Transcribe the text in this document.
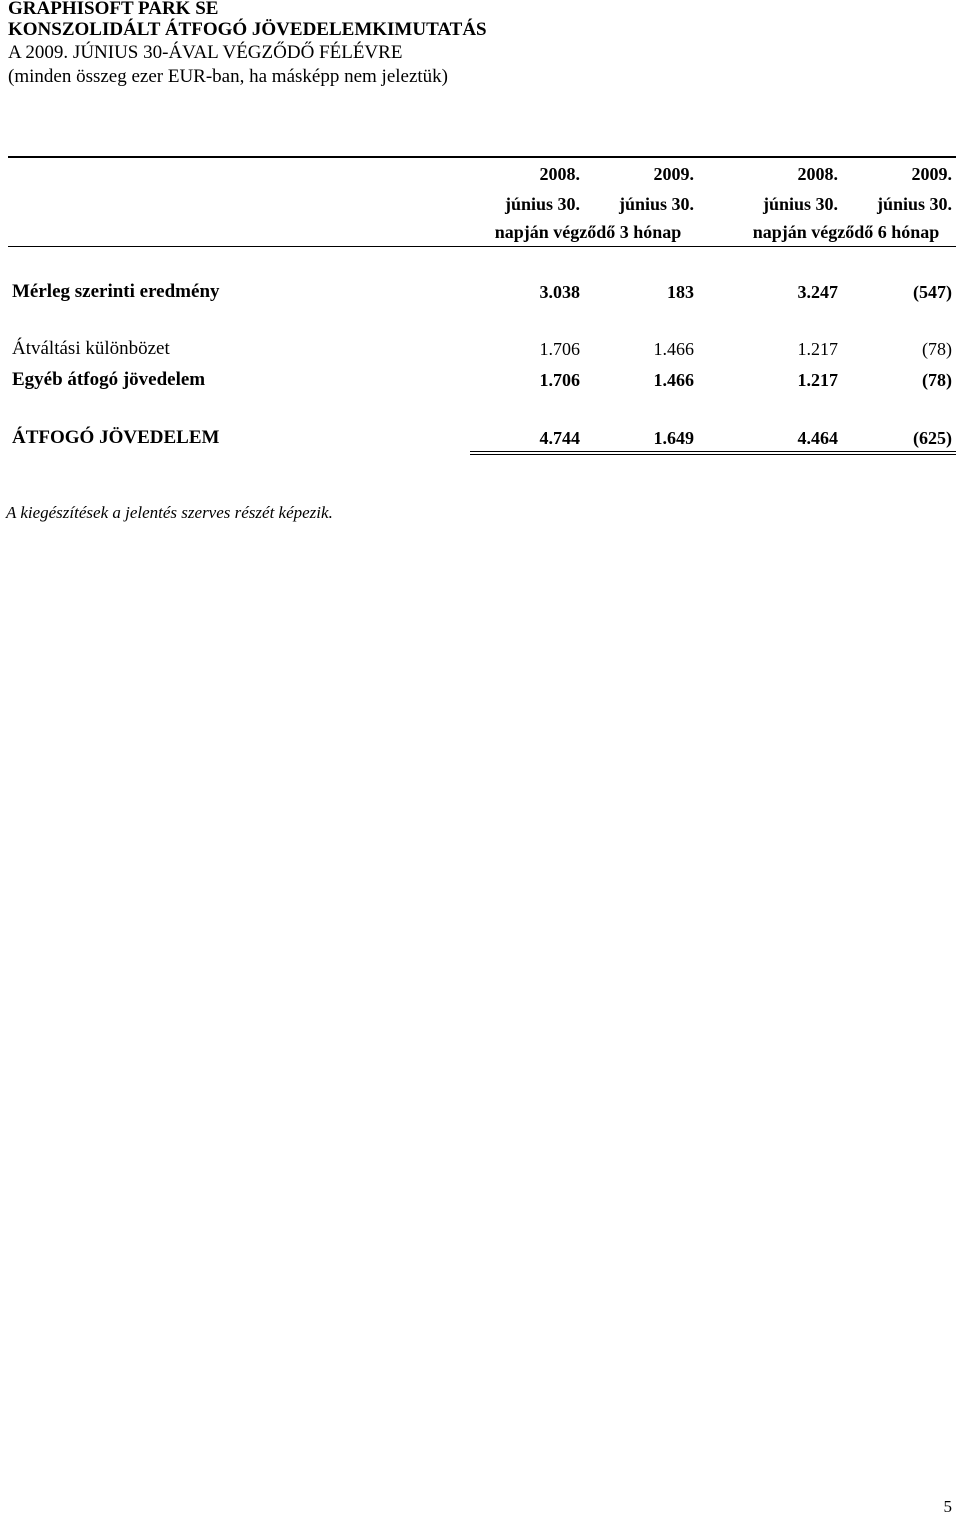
GRAPHISOFT PARK SE
KONSZOLIDÁLT ÁTFOGÓ JÖVEDELEMKIMUTATÁS
A 2009. JÚNIUS 30-ÁVAL VÉGZŐDŐ FÉLÉVRE
(minden összeg ezer EUR-ban, ha másképp nem jeleztük)
2008.	2009.	2008.	2009.
június 30. június 30.	június 30. június 30.
napján végződő 3 hónap	napján végződő 6 hónap
Mérleg szerinti eredmény	3.038	183	3.247	(547)
Átváltási különbözet	1.706	1.466	1.217	(78)
Egyéb átfogó jövedelem	1.706	1.466	1.217	(78)
ÁTFOGÓ JÖVEDELEM	4.744	1.649	4.464	(625)
A kiegészítések a jelentés szerves részét képezik.
5
